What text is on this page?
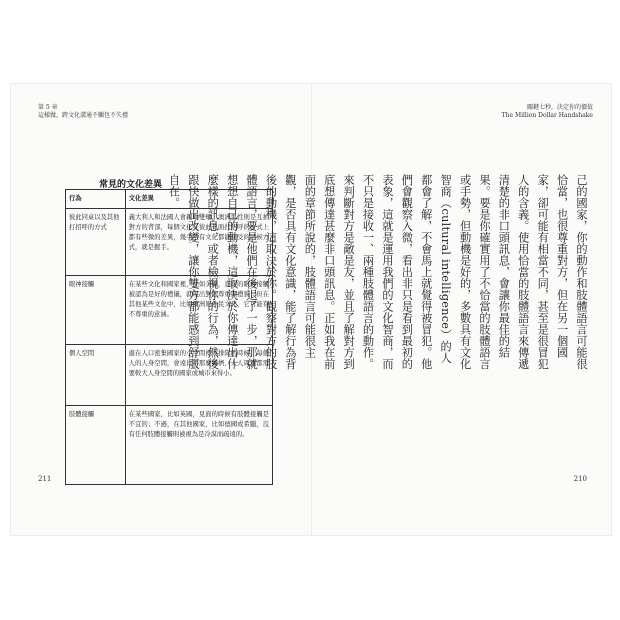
第 5 章
這樣做，跨文化溝通不觸包不失禮
常見的文化差異
行為	文化差異
彼此同桌以及其他打招呼的方式	義大利人和法國人會親吻雙頰，澳洲男性則是互拍對方的背部，每個文化在彼此見面打招呼的方式上都有些微的差異，幾乎所有文化都能接受的同候方式，就是握手。
眼神接觸	在某些文化和國家裡，比如美國，直接的眼神接觸被認為是好的禮儀，就現出對您尊重與禮貌；但在其他某些文化中，比如澳洲原住民文化，它可能有不尊重的意涵。
個人空間	處在人口密集國家的小空間裡或排隊的時候，每個人的人身空間，會遠比不那麼擁擠、人人周遭都需要較大人身空間的國家或城市來得小。
肢體接觸	在某些國家，比如英國，見面的時候有肢體接觸是不宜的；不過，在其他國家，比如德國或希臘，沒有任何肢體接觸則被視為是冷漠而疏遠的。
211
關鍵七秒，決定你的價值
The Million Dollar Handshake
己的國家，你的動作和肢體語言可能很恰當，也很尊重對方，但在另一個國家，卻可能有相當不同，甚至是很冒犯人的含義。使用恰當的肢體語言來傳遞清楚的非口頭訊息，會讓你最佳的結果。要是你確實用了不恰當的肢體語言或手勢，但動機是好的，多數具有文化智商（cultural intelligence）的人都會了解，不會馬上就覺得被冒犯。他們會觀察入微，看出非只是看到最初的表象，這就是運用我們的文化智商，而不只是接收一、兩種肢體語言的動作。來判斷對方是敵是友，並且了解對方到底想傳達甚麼非口頭訊息。正如我在前面的章節所說的，肢體語言可能很主觀，是否具有文化意識，能了解行為背後的動機，這取決於你。觀察對方的肢體語言，要是他們在後退了一步，那就想想自己的動機，這取決於你傳達出什麼樣的訊息，或者檢視你的行為，然後跟快做出改變，讓你雙方都能感到舒服自在。
210
